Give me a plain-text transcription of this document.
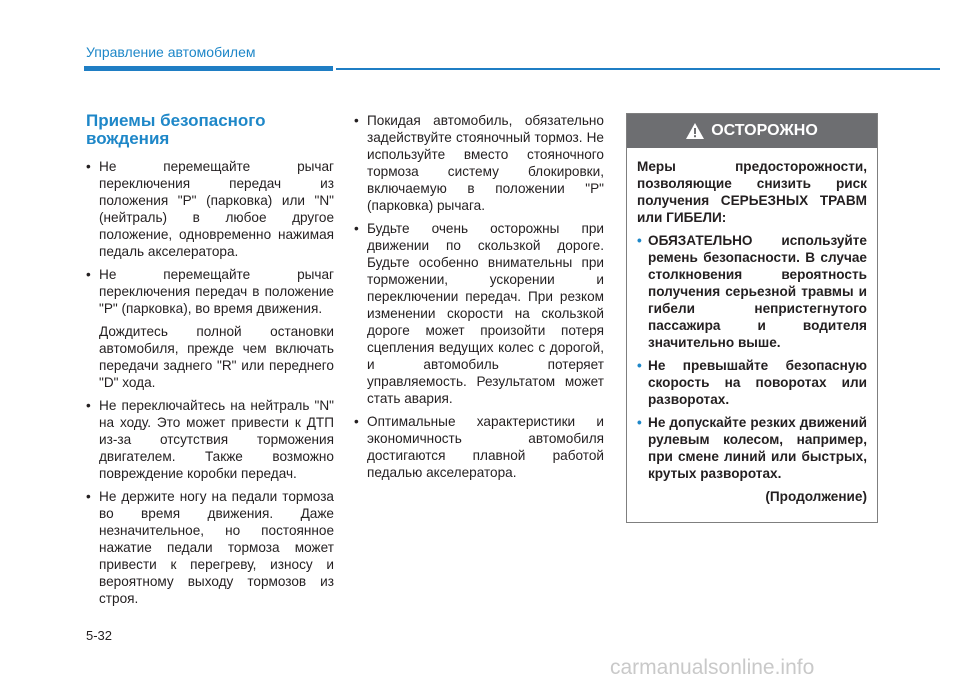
Управление автомобилем
Приемы безопасного
вождения
• Не перемещайте рычаг переключения передач из положения "P" (парковка) или "N" (нейтраль) в любое другое положение, одновременно нажимая педаль акселератора.
• Не перемещайте рычаг переключения передач в положение "P" (парковка), во время движения.
Дождитесь полной остановки автомобиля, прежде чем включать передачи заднего "R" или переднего "D" хода.
• Не переключайтесь на нейтраль "N" на ходу. Это может привести к ДТП из-за отсутствия торможения двигателем. Также возможно повреждение коробки передач.
• Не держите ногу на педали тормоза во время движения. Даже незначительное, но постоянное нажатие педали тормоза может привести к перегреву, износу и вероятному выходу тормозов из строя.
• Покидая автомобиль, обязательно задействуйте стояночный тормоз. Не используйте вместо стояночного тормоза систему блокировки, включаемую в положении "P" (парковка) рычага.
• Будьте очень осторожны при движении по скользкой дороге. Будьте особенно внимательны при торможении, ускорении и переключении передач. При резком изменении скорости на скользкой дороге может произойти потеря сцепления ведущих колес с дорогой, и автомобиль потеряет управляемость. Результатом может стать авария.
• Оптимальные характеристики и экономичность автомобиля достигаются плавной работой педалью акселератора.
ОСТОРОЖНО
Меры предосторожности, позволяющие снизить риск получения СЕРЬЕЗНЫХ ТРАВМ или ГИБЕЛИ:
• ОБЯЗАТЕЛЬНО используйте ремень безопасности. В случае столкновения вероятность получения серьезной травмы и гибели непристегнутого пассажира и водителя значительно выше.
• Не превышайте безопасную скорость на поворотах или разворотах.
• Не допускайте резких движений рулевым колесом, например, при смене линий или быстрых, крутых разворотах.
(Продолжение)
5-32
carmanualsonline.info
